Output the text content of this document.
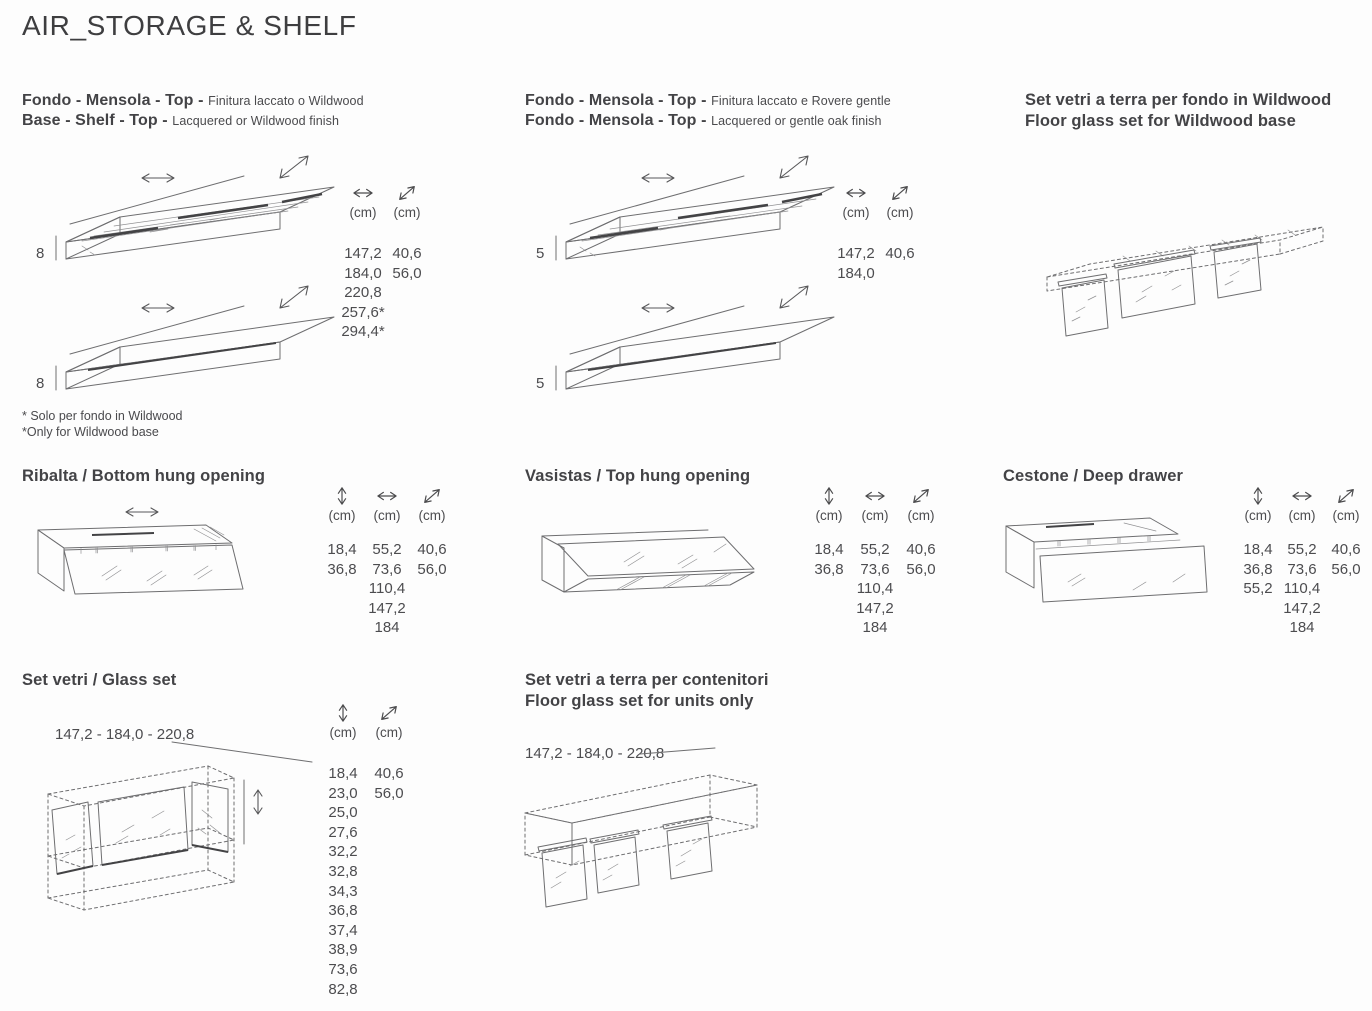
AIR_STORAGE & SHELF
Fondo - Mensola - Top - Finitura laccato o Wildwood
Base - Shelf - Top - Lacquered or Wildwood finish
8
8
(cm)
147,2
184,0
220,8
257,6*
294,4*
(cm)
40,6
56,0
* Solo per fondo in Wildwood
*Only for Wildwood base
Fondo - Mensola - Top - Finitura laccato e Rovere gentle
Fondo - Mensola - Top - Lacquered or gentle oak finish
5
5
(cm)
147,2
184,0
(cm)
40,6
Set vetri a terra per fondo in Wildwood
Floor glass set for Wildwood base
Ribalta / Bottom hung opening
(cm)
18,4
36,8
(cm)
55,2
73,6
110,4
147,2
184
(cm)
40,6
56,0
Vasistas / Top hung opening
(cm)
18,4
36,8
(cm)
55,2
73,6
110,4
147,2
184
(cm)
40,6
56,0
Cestone / Deep drawer
(cm)
18,4
36,8
55,2
(cm)
55,2
73,6
110,4
147,2
184
(cm)
40,6
56,0
Set vetri / Glass set
147,2 - 184,0 - 220,8	(cm)
18,4
23,0
25,0
27,6
32,2
32,8
34,3
36,8
37,4
38,9
73,6
82,8
(cm)
40,6
56,0
Set vetri a terra per contenitori
Floor glass set for units only
147,2 - 184,0 - 220,8
